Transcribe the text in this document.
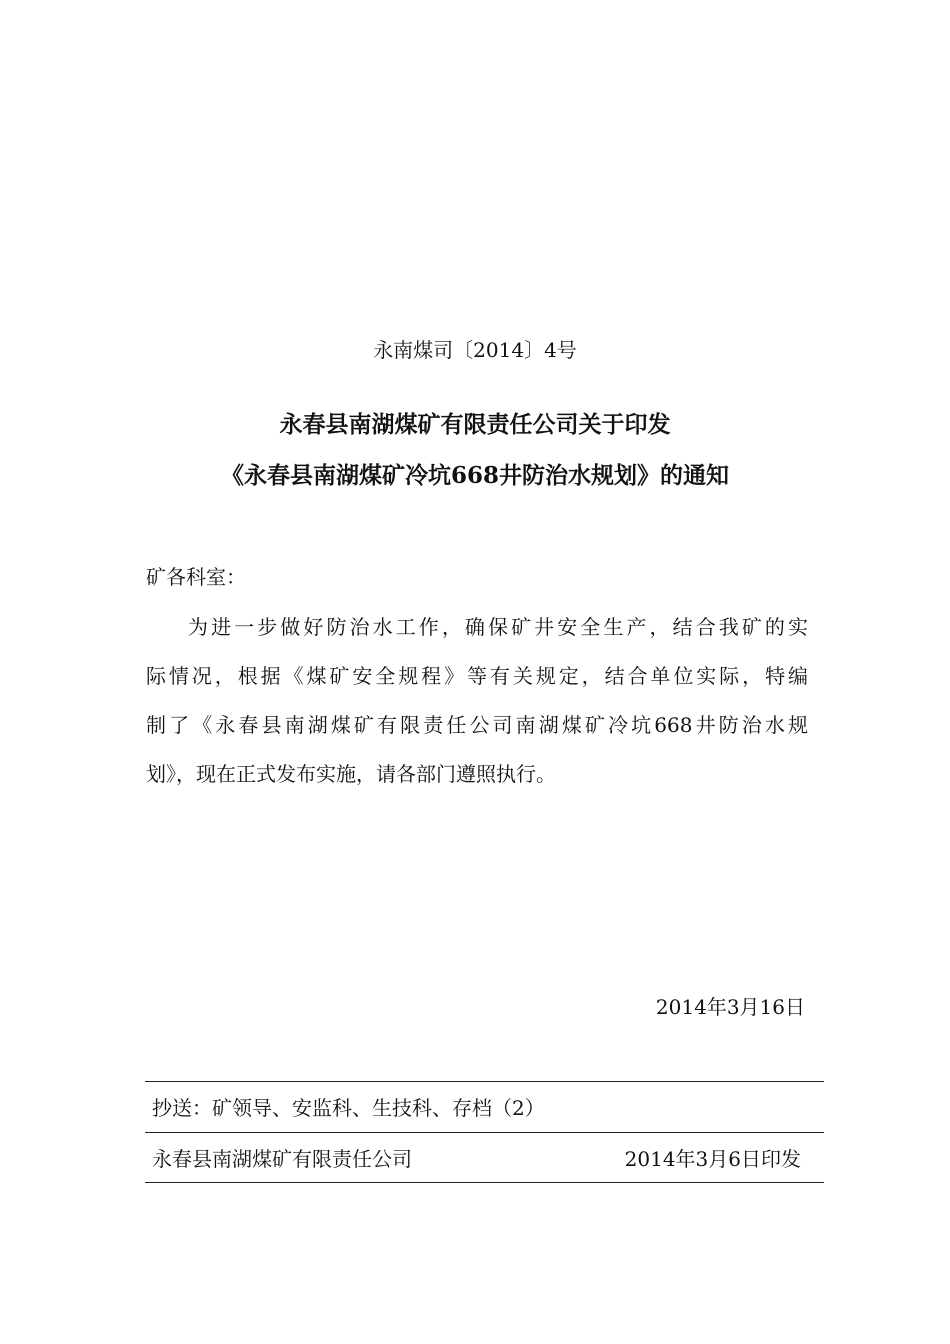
永南煤司〔2014〕4号
永春县南湖煤矿有限责任公司关于印发
《永春县南湖煤矿冷坑668井防治水规划》的通知
矿各科室：
为进一步做好防治水工作，确保矿井安全生产，结合我矿的实
际情况，根据《煤矿安全规程》等有关规定，结合单位实际，特编
制了《永春县南湖煤矿有限责任公司南湖煤矿冷坑668井防治水规
划》，现在正式发布实施，请各部门遵照执行。
2014年3月16日
抄送：矿领导、安监科、生技科、存档（2）
永春县南湖煤矿有限责任公司	2014年3月6日印发
